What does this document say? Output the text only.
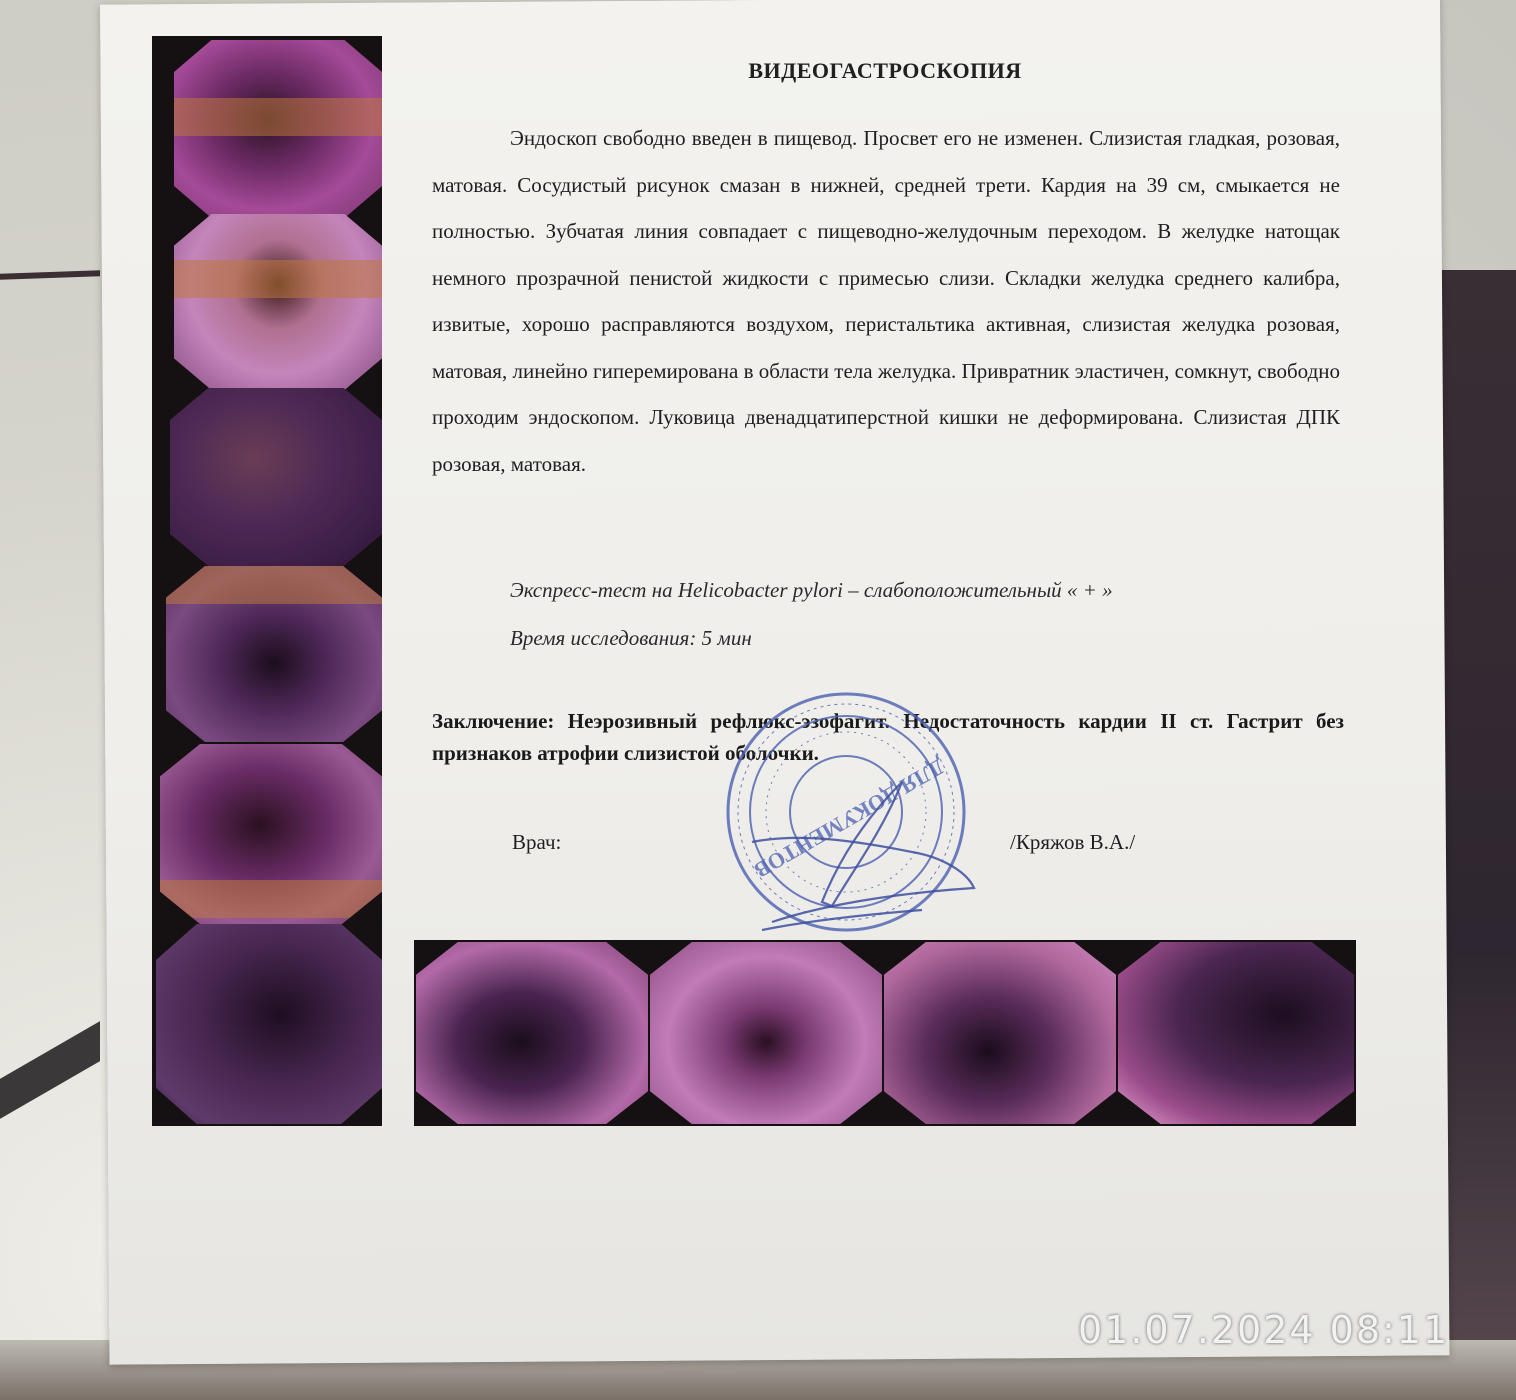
ВИДЕОГАСТРОСКОПИЯ
Эндоскоп свободно введен в пищевод. Просвет его не изменен. Слизистая гладкая, розовая, матовая. Сосудистый рисунок смазан в нижней, средней трети. Кардия на 39 см, смыкается не полностью. Зубчатая линия совпадает с пищеводно-желудочным переходом. В желудке натощак немного прозрачной пенистой жидкости с примесью слизи. Складки желудка среднего калибра, извитые, хорошо расправляются воздухом, перистальтика активная, слизистая желудка розовая, матовая, линейно гиперемирована в области тела желудка. Привратник эластичен, сомкнут, свободно проходим эндоскопом. Луковица двенадцатиперстной кишки не деформирована. Слизистая ДПК розовая, матовая.
Экспресс-тест на Helicobacter pylori – слабоположительный « + »
Время исследования: 5 мин
Заключение: Неэрозивный рефлюкс-эзофагит. Недостаточность кардии II ст. Гастрит без признаков атрофии слизистой оболочки.
Врач:	/Кряжов В.А./
ДЛЯ ДОКУМЕНТОВ
01.07.2024 08:11
